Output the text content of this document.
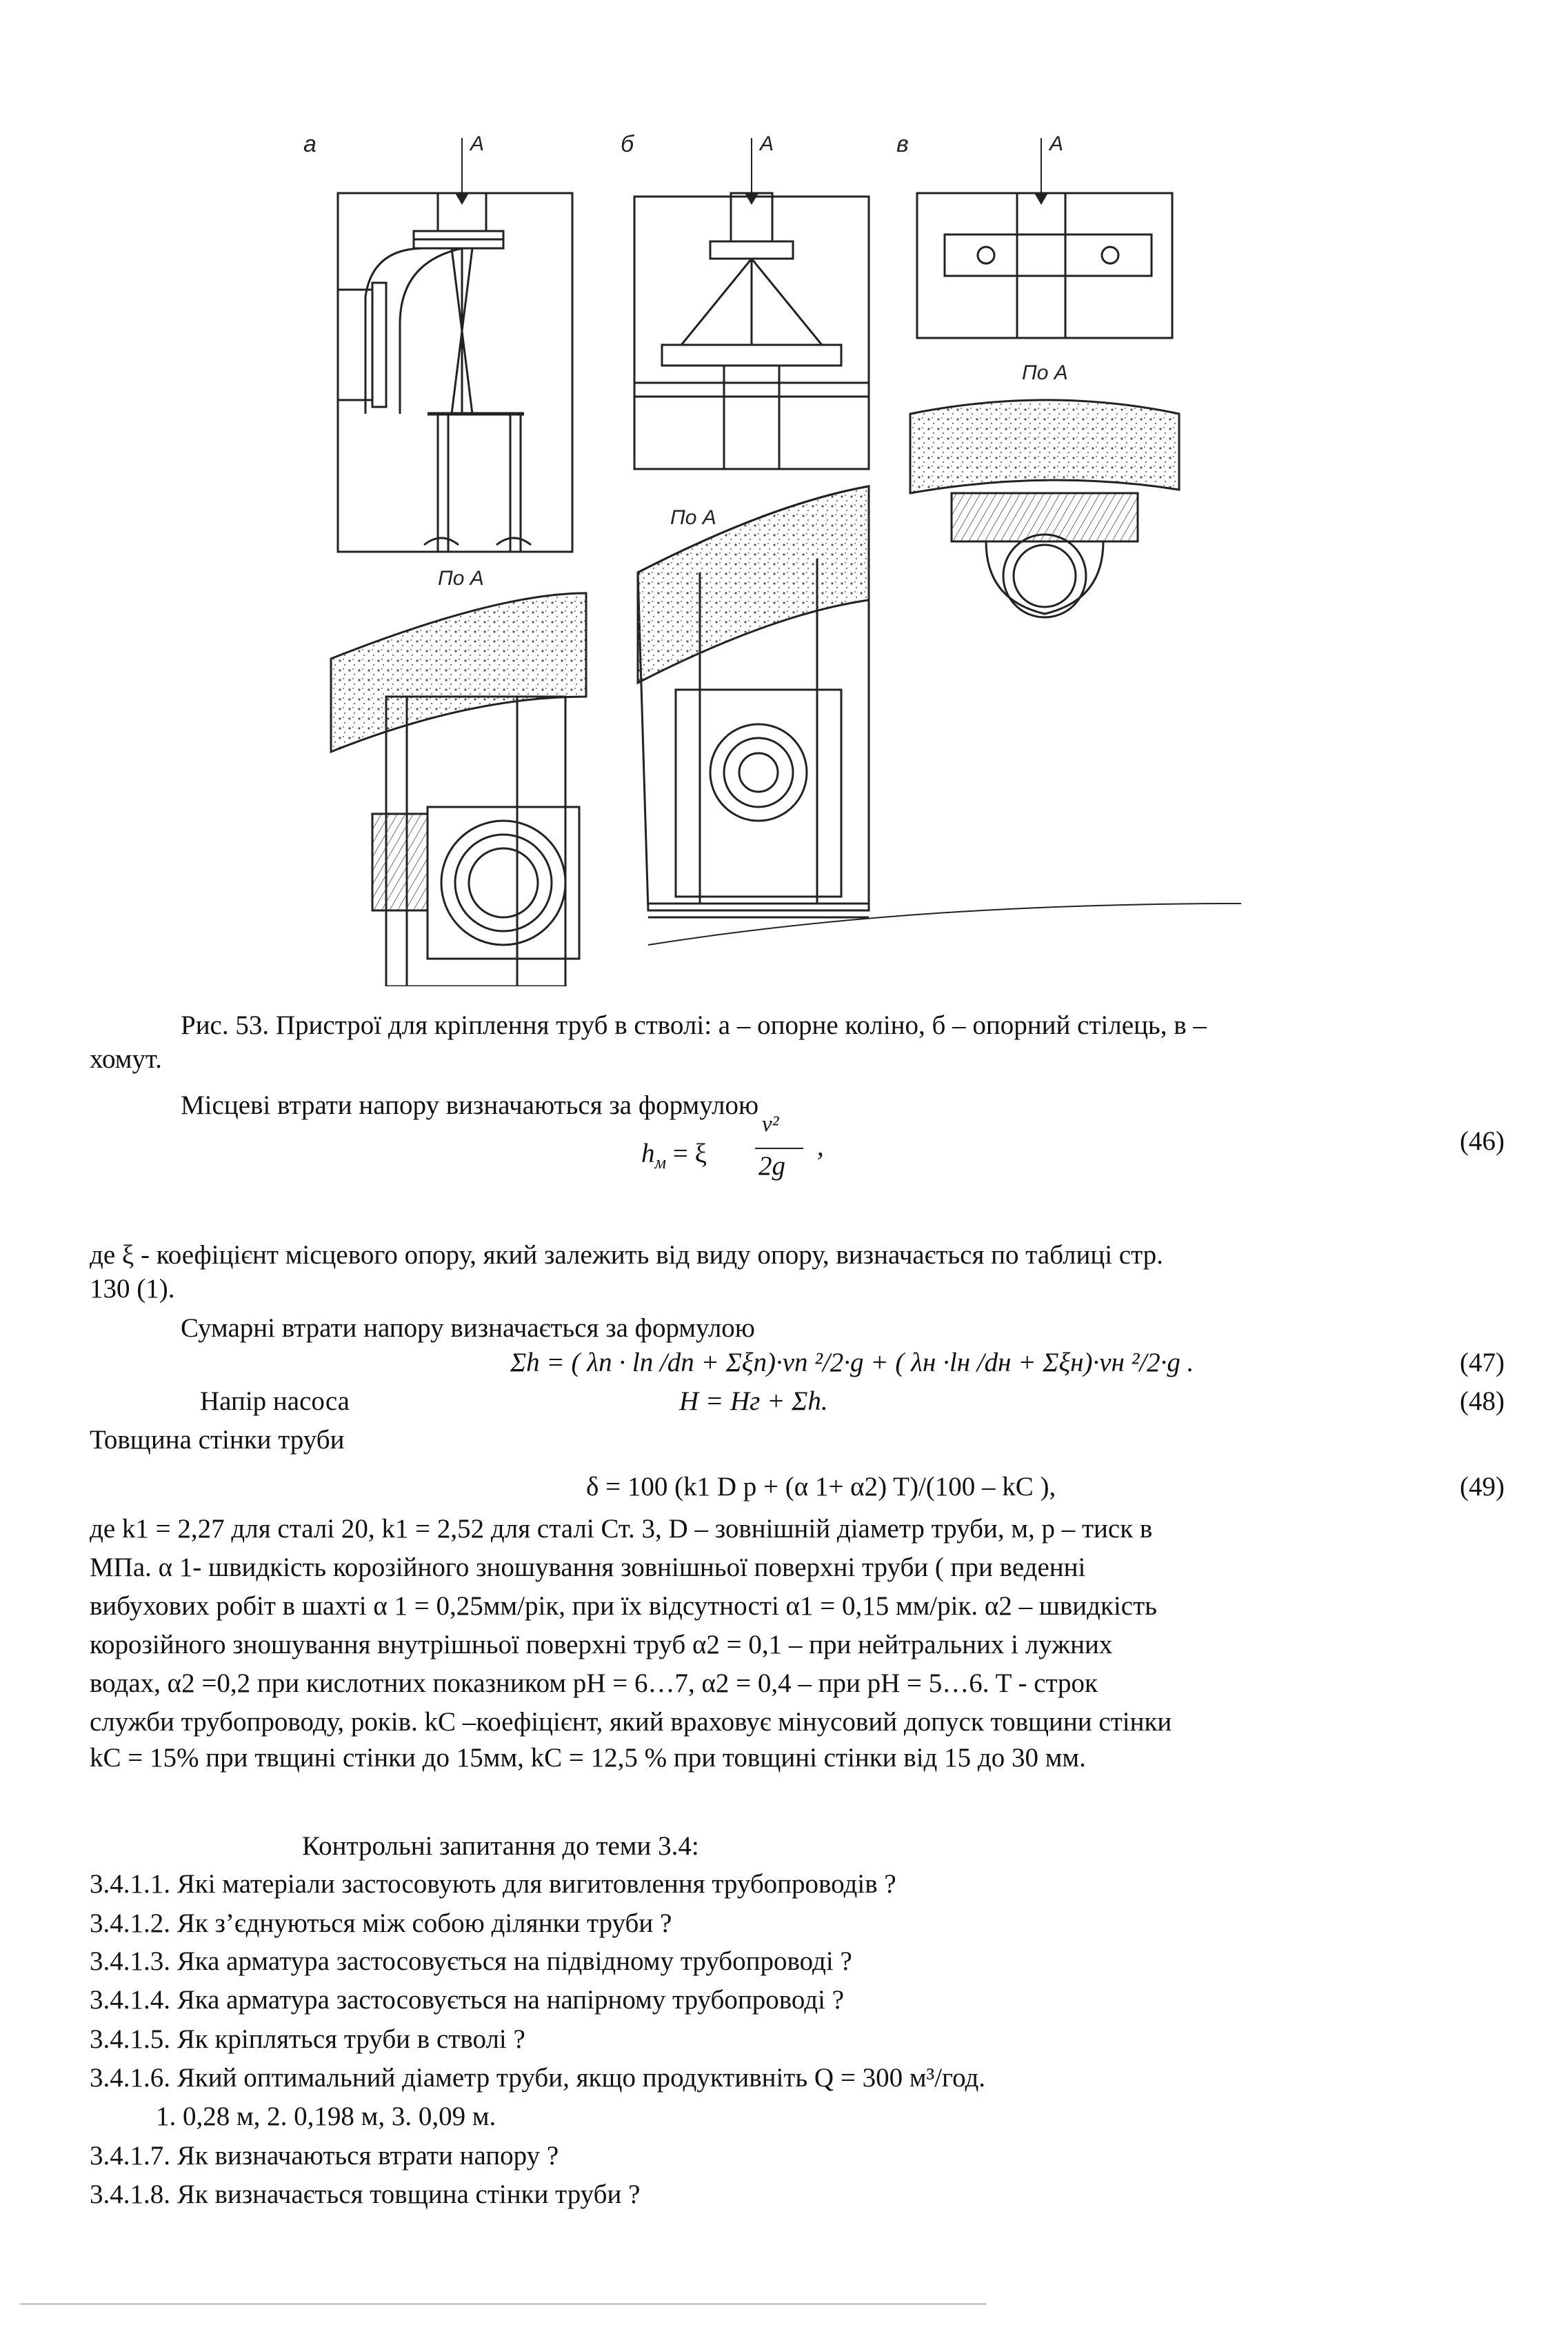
а	A	б	A	в	A
По А
По А
По А
Рис. 53. Пристрої для кріплення труб в стволі: а – опорне коліно, б – опорний стілець, в –
хомут.
Місцеві втрати напору визначаються за формулою
$h_м = \xi$
v²
2g
,	(46)
де ξ - коефіцієнт місцевого опору, який залежить від виду опору, визначається по таблиці стр.
130 (1).
Сумарні втрати напору визначається за формулою
Σh = ( λп · lп /dп + Σξп)·vп ²/2·g + ( λн ·lн /dн + Σξн)·vн ²/2·g .	(47)
Напір насоса	H = Hг + Σh.	(48)
Товщина стінки труби
δ = 100 (k1 D p + (α 1+ α2) T)/(100 – kC ),	(49)
де k1 = 2,27 для сталі 20, k1 = 2,52 для сталі Ст. 3, D – зовнішній діаметр труби, м, р – тиск в
МПа. α 1- швидкість корозійного зношування зовнішньої поверхні труби ( при веденні
вибухових робіт в шахті α 1 = 0,25мм/рік, при їх відсутності α1 = 0,15 мм/рік. α2 – швидкість
корозійного зношування внутрішньої поверхні труб α2 = 0,1 – при нейтральних і лужних
водах, α2 =0,2 при кислотних показником pH = 6…7, α2 = 0,4 – при pH = 5…6. T - строк
служби трубопроводу, років. kC –коефіцієнт, який враховує мінусовий допуск товщини стінки
kC = 15% при твщині стінки до 15мм, kC = 12,5 % при товщині стінки від 15 до 30 мм.
Контрольні запитання до теми 3.4:
3.4.1.1. Які матеріали застосовують для вигитовлення трубопроводів ?
3.4.1.2. Як з’єднуються між собою ділянки труби ?
3.4.1.3. Яка арматура застосовується на підвідному трубопроводі ?
3.4.1.4. Яка арматура застосовується на напірному трубопроводі ?
3.4.1.5. Як кріпляться труби в стволі ?
3.4.1.6. Який оптимальний діаметр труби, якщо продуктивніть Q = 300 м³/год.
1. 0,28 м, 2. 0,198 м, 3. 0,09 м.
3.4.1.7. Як визначаються втрати напору ?
3.4.1.8. Як визначається товщина стінки труби ?
